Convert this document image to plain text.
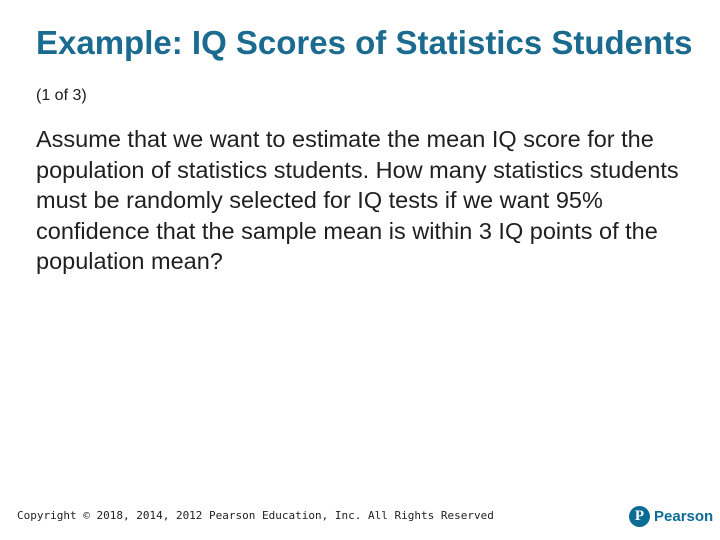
Example: IQ Scores of Statistics Students (1 of 3)
Assume that we want to estimate the mean IQ score for the population of statistics students. How many statistics students must be randomly selected for IQ tests if we want 95% confidence that the sample mean is within 3 IQ points of the population mean?
Copyright © 2018, 2014, 2012 Pearson Education, Inc. All Rights Reserved	P Pearson
